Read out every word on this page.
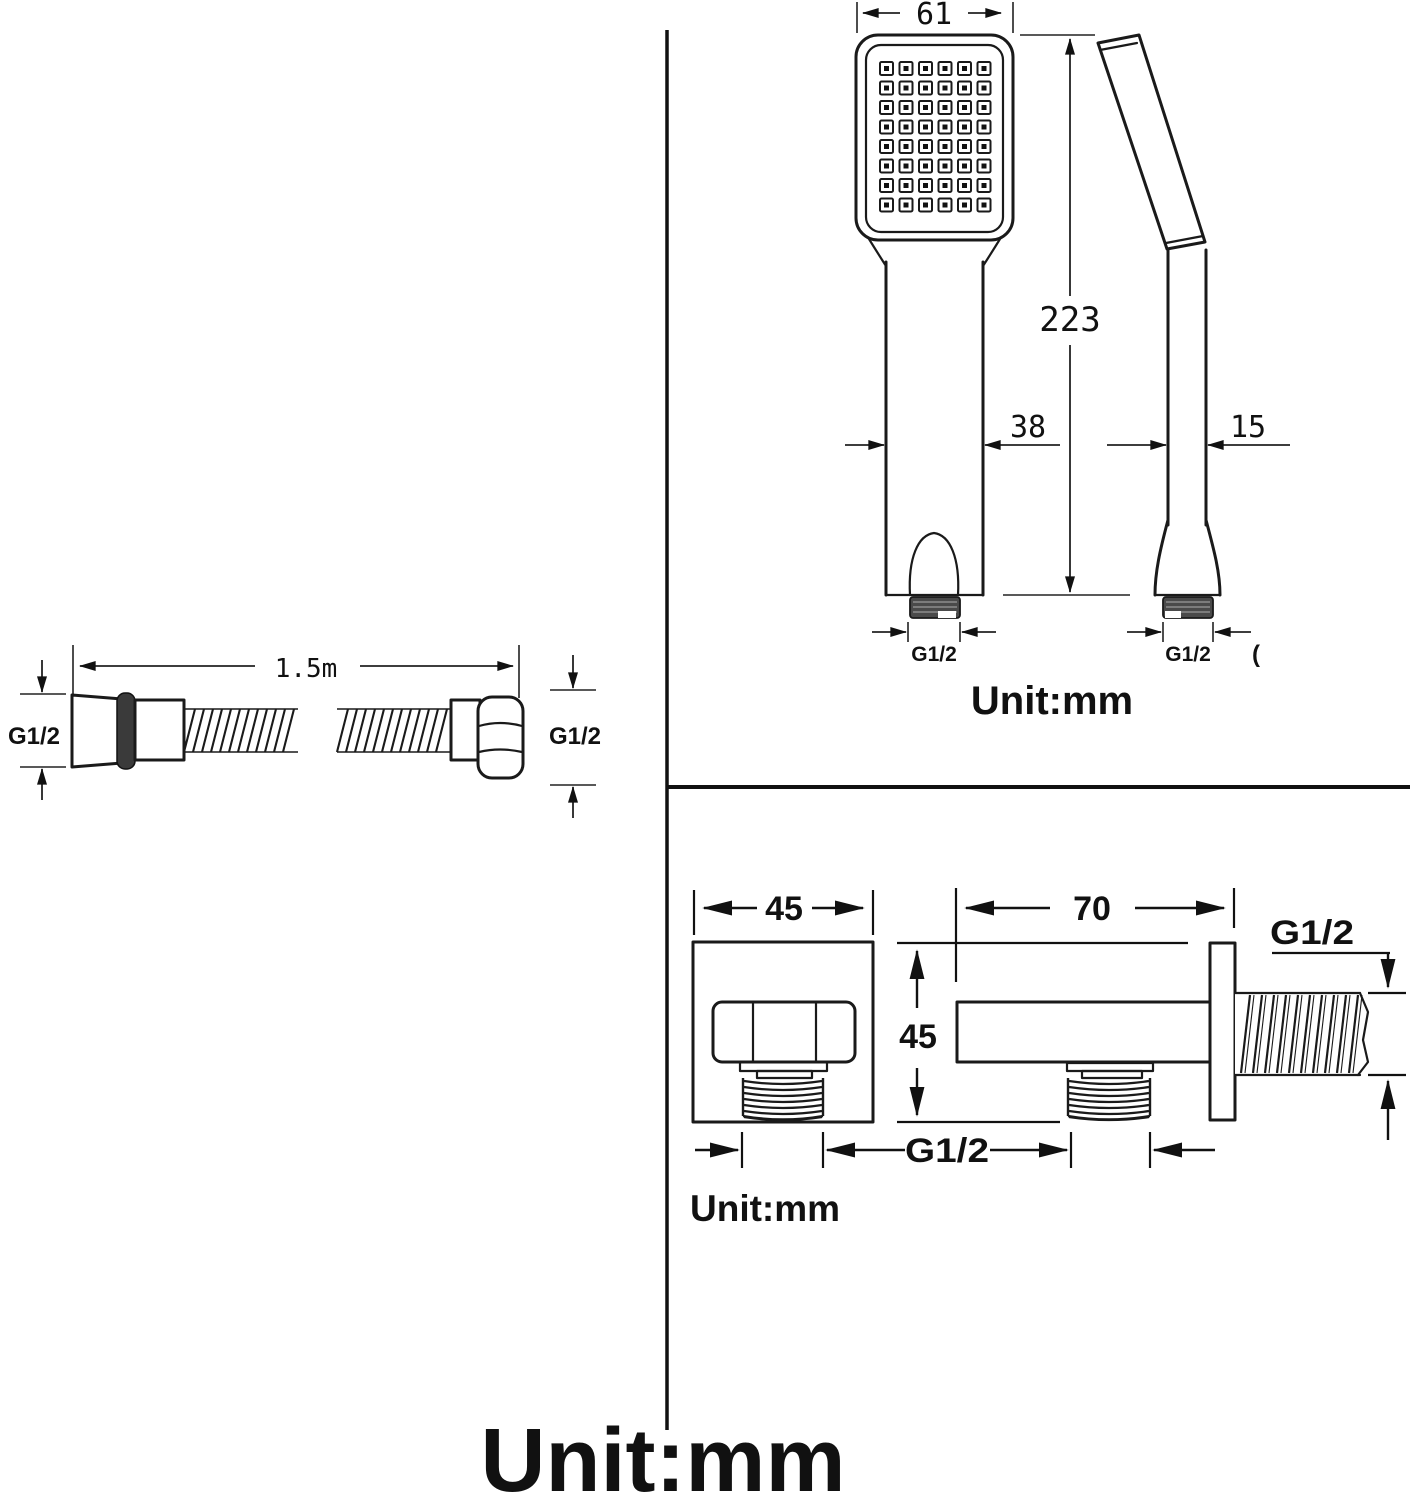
61
G1/2
38
G1/2
15
(
223
Unit:mm
1.5m
G1/2	G1/2
45	70
45
G1/2
G1/2
Unit:mm
Unit:mm
